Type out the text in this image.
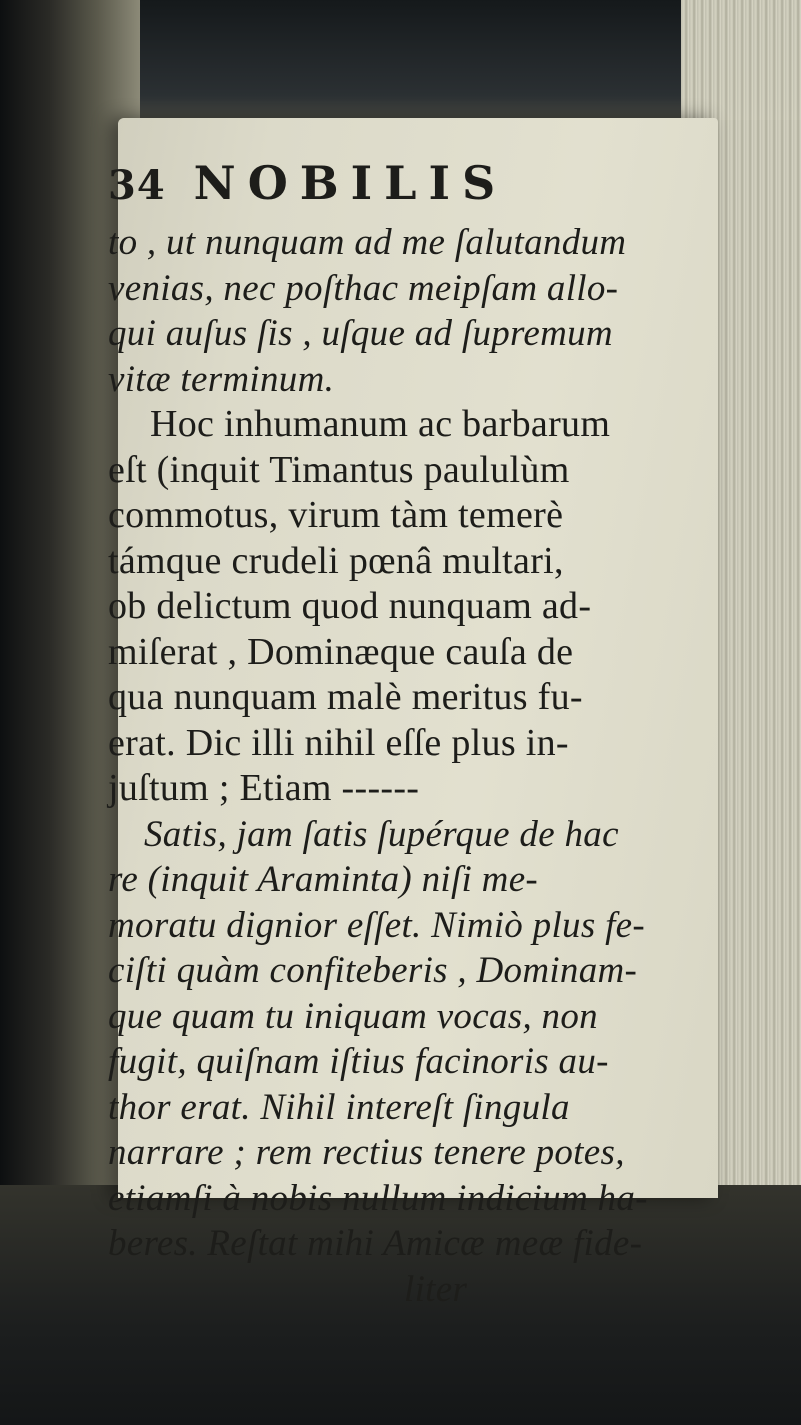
34 NOBILIS
to , ut nunquam ad me ſalutandum
venias, nec poſthac meipſam allo-
qui auſus ſis , uſque ad ſupremum
vitæ terminum.
Hoc inhumanum ac barbarum
eſt (inquit Timantus paululùm
commotus, virum tàm temerè
támque crudeli pœnâ multari,
ob delictum quod nunquam ad-
miſerat , Dominæque cauſa de
qua nunquam malè meritus fu-
erat. Dic illi nihil eſſe plus in-
juſtum ; Etiam ------
Satis, jam ſatis ſupérque de hac
re (inquit Araminta) niſi me-
moratu dignior eſſet. Nimiò plus fe-
ciſti quàm confiteberis , Dominam-
que quam tu iniquam vocas, non
fugit, quiſnam iſtius facinoris au-
thor erat. Nihil intereſt ſingula
narrare ; rem rectius tenere potes,
etiamſi à nobis nullum indicium ha-
beres. Reſtat mihi Amicæ meæ fide-
liter
